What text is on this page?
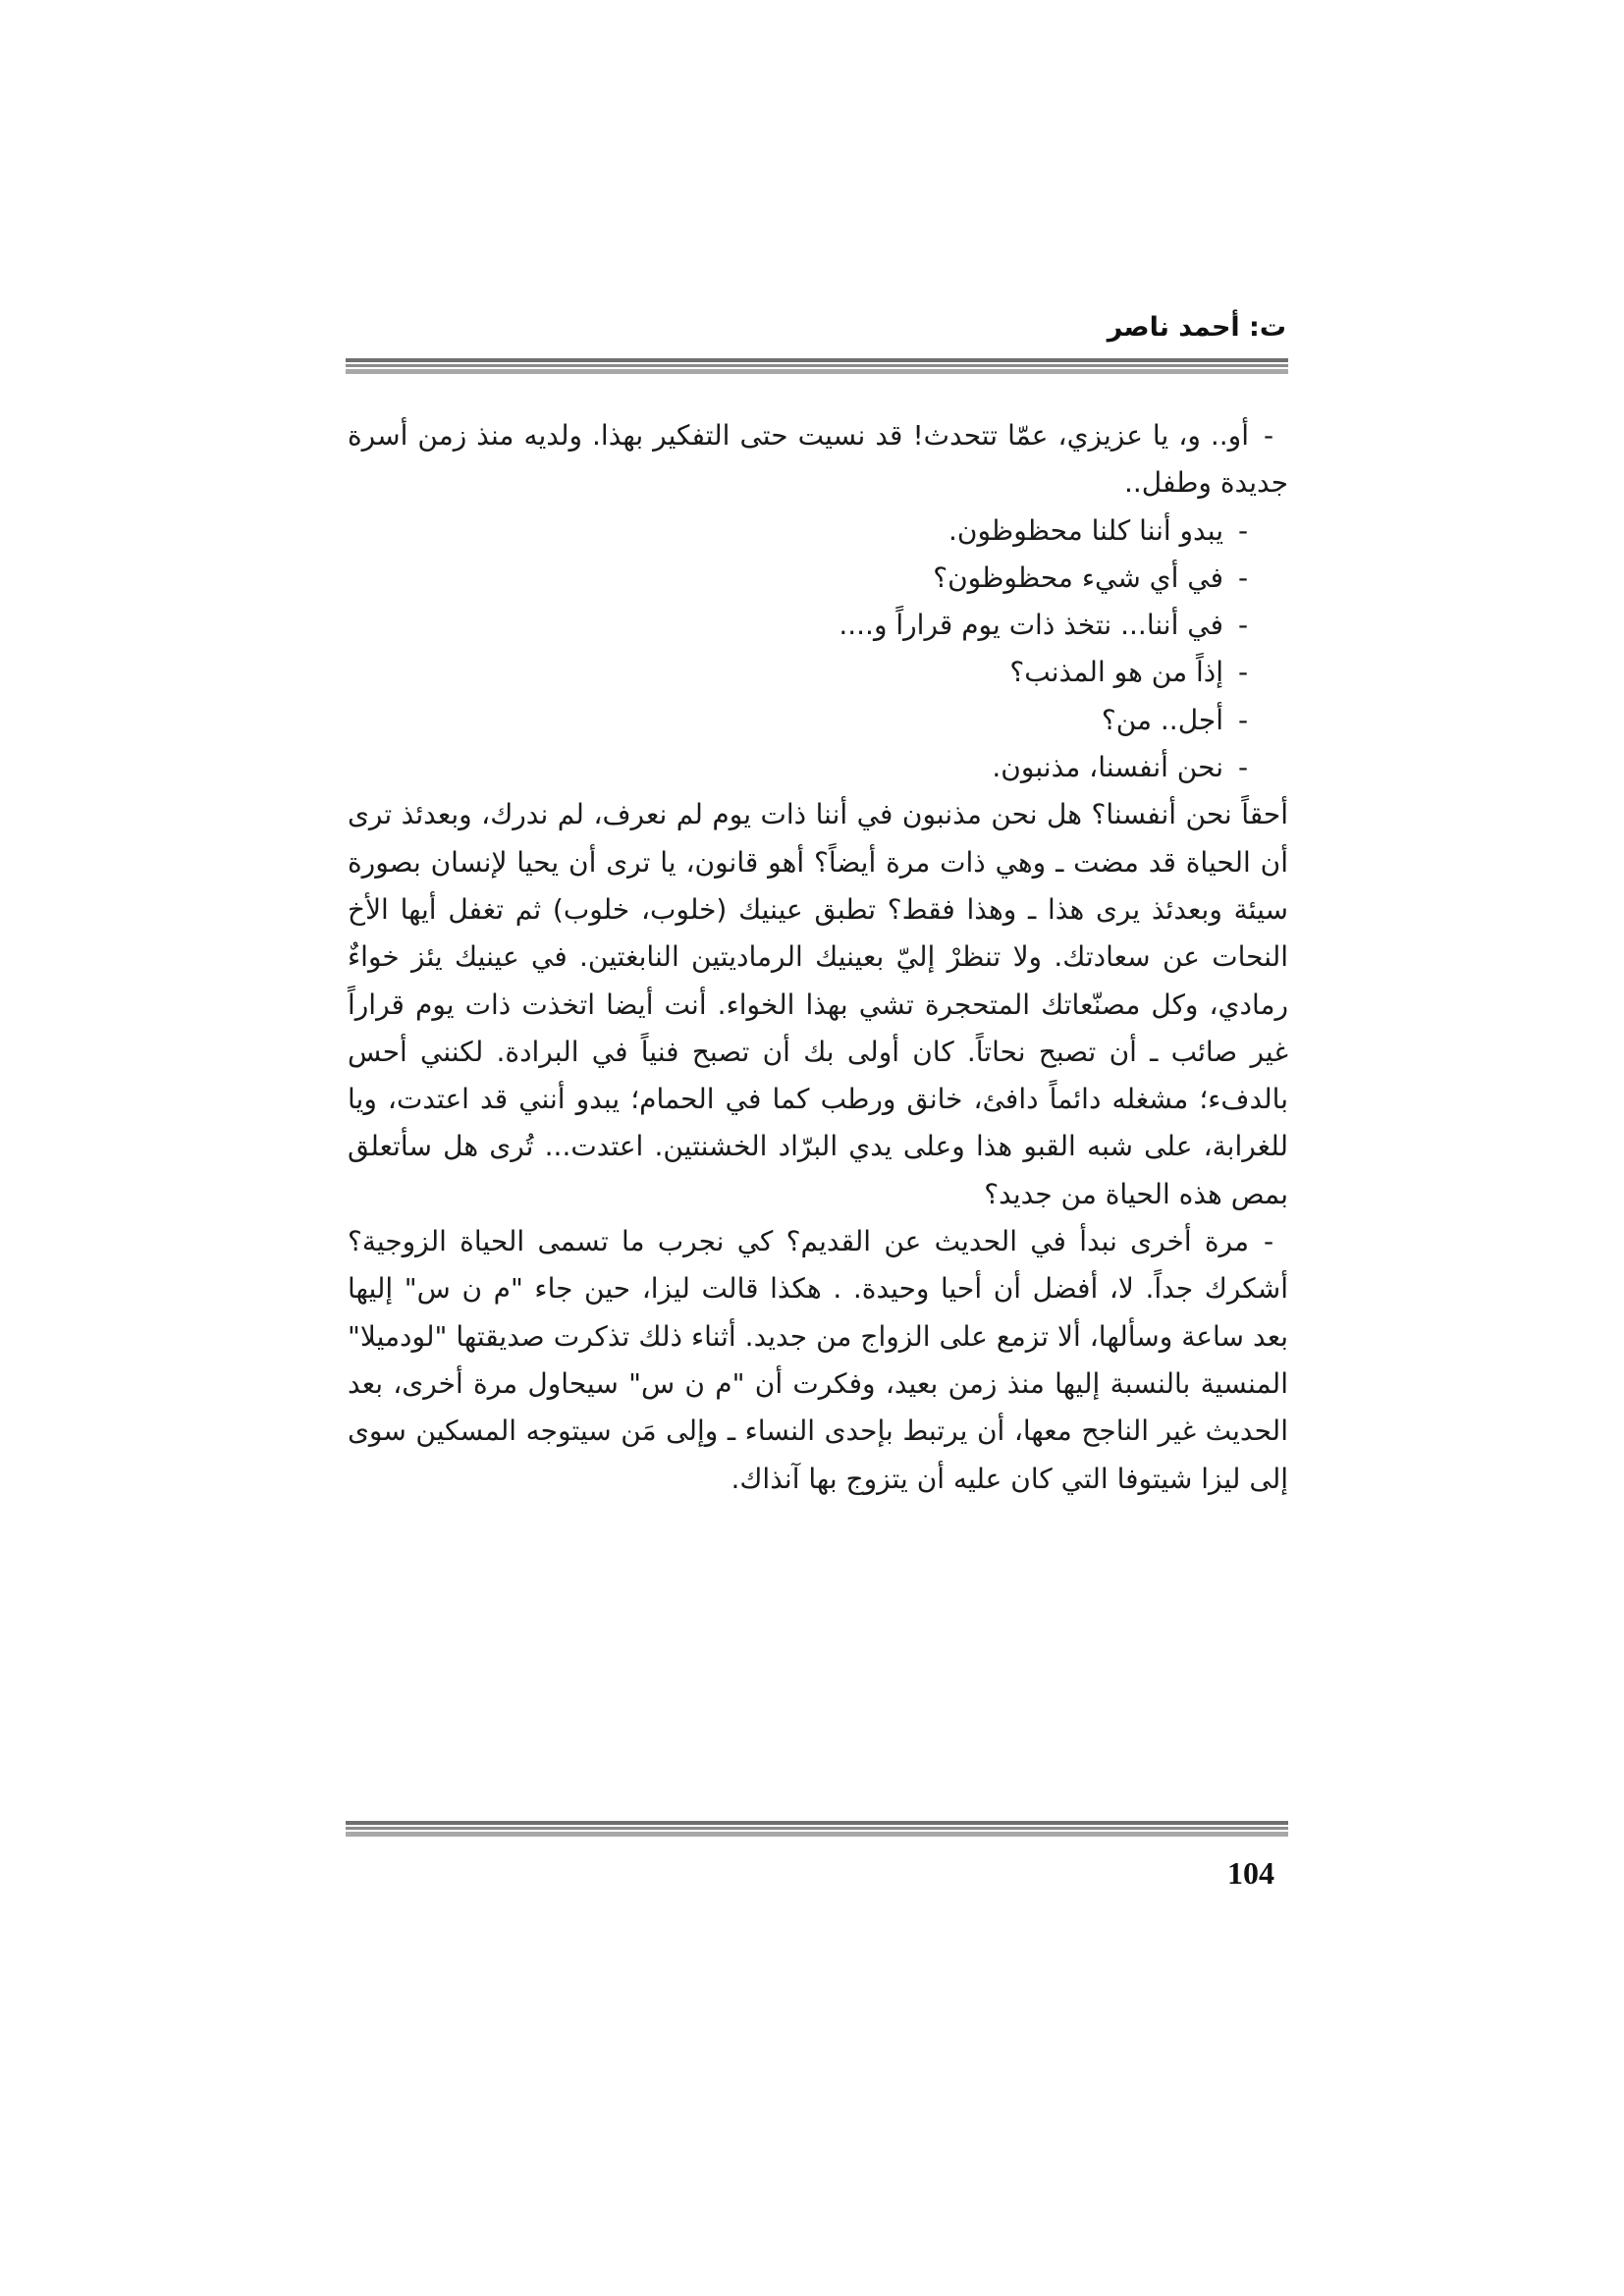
ت: أحمد ناصر

-أو.. و، يا عزيزي، عمّا تتحدث! قد نسيت حتى التفكير بهذا. ولديه منذ زمن أسرة جديدة وطفل..

-يبدو أننا كلنا محظوظون.

-في أي شيء محظوظون؟

-في أننا... نتخذ ذات يوم قراراً و....

-إذاً من هو المذنب؟

-أجل.. من؟

-نحن أنفسنا، مذنبون.

أحقاً نحن أنفسنا؟ هل نحن مذنبون في أننا ذات يوم لم نعرف، لم ندرك، وبعدئذ ترى أن الحياة قد مضت ـ وهي ذات مرة أيضاً؟ أهو قانون، يا ترى أن يحيا لإنسان بصورة سيئة وبعدئذ يرى هذا ـ وهذا فقط؟ تطبق عينيك (خلوب، خلوب) ثم تغفل أيها الأخ النحات عن سعادتك. ولا تنظرْ إليّ بعينيك الرماديتين النابغتين. في عينيك يئز خواءٌ رمادي، وكل مصنّعاتك المتحجرة تشي بهذا الخواء. أنت أيضا اتخذت ذات يوم قراراً غير صائب ـ أن تصبح نحاتاً. كان أولى بك أن تصبح فنياً في البرادة. لكنني أحس بالدفء؛ مشغله دائماً دافئ، خانق ورطب كما في الحمام؛ يبدو أنني قد اعتدت، ويا للغرابة، على شبه القبو هذا وعلى يدي البرّاد الخشنتين. اعتدت... تُرى هل سأتعلق بمص هذه الحياة من جديد؟

-مرة أخرى نبدأ في الحديث عن القديم؟ كي نجرب ما تسمى الحياة الزوجية؟ أشكرك جداً. لا، أفضل أن أحيا وحيدة. . هكذا قالت ليزا، حين جاء "م ن س" إليها بعد ساعة وسألها، ألا تزمع على الزواج من جديد. أثناء ذلك تذكرت صديقتها "لودميلا" المنسية بالنسبة إليها منذ زمن بعيد، وفكرت أن "م ن س" سيحاول مرة أخرى، بعد الحديث غير الناجح معها، أن يرتبط بإحدى النساء ـ وإلى مَن سيتوجه المسكين سوى إلى ليزا شيتوفا التي كان عليه أن يتزوج بها آنذاك.

104
